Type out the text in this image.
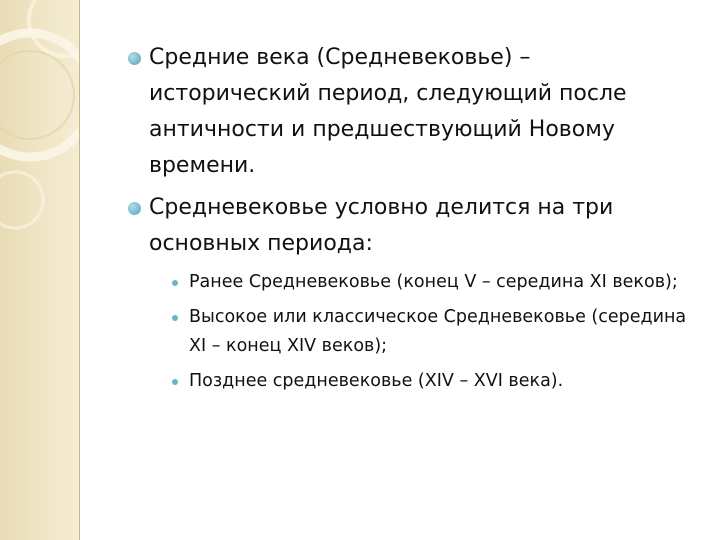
Средние века (Средневековье) – исторический период, следующий после античности и предшествующий Новому времени.
Средневековье условно делится на три основных периода:
Ранее Средневековье (конец V – середина XI веков);
Высокое или классическое Средневековье (середина XI – конец XIV веков);
Позднее средневековье (XIV – XVI века).
